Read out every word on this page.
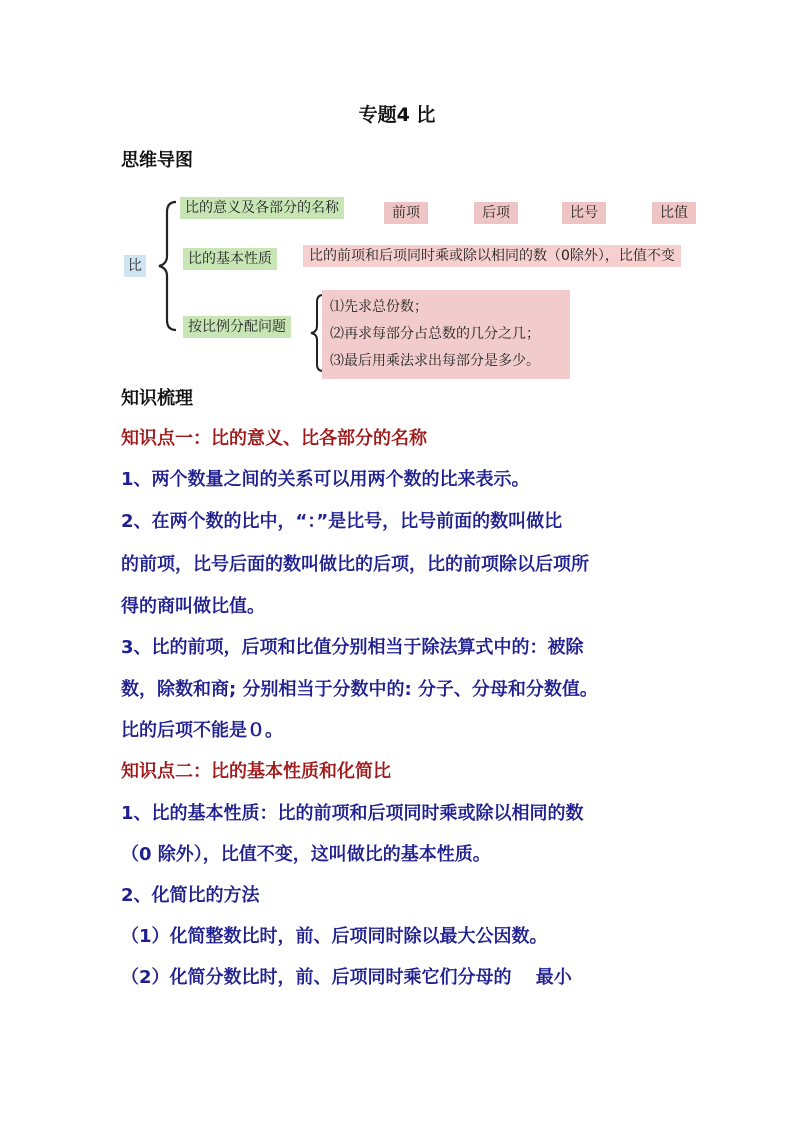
专题4 比
思维导图
比
比的意义及各部分的名称	前项	后项	比号	比值
比的基本性质	比的前项和后项同时乘或除以相同的数（0除外），比值不变
按比例分配问题
⑴先求总份数；
⑵再求每部分占总数的几分之几；
⑶最后用乘法求出每部分是多少。
知识梳理
知识点一：比的意义、比各部分的名称
1、两个数量之间的关系可以用两个数的比来表示。
2、在两个数的比中，“：”是比号，比号前面的数叫做比
的前项，比号后面的数叫做比的后项，比的前项除以后项所
得的商叫做比值。
3、比的前项，后项和比值分别相当于除法算式中的：被除
数，除数和商; 分别相当于分数中的: 分子、分母和分数值。
比的后项不能是０。
知识点二：比的基本性质和化简比
1、比的基本性质：比的前项和后项同时乘或除以相同的数
（0 除外），比值不变，这叫做比的基本性质。
2、化简比的方法
（1）化简整数比时，前、后项同时除以最大公因数。
（2）化简分数比时，前、后项同时乘它们分母的　 最小
